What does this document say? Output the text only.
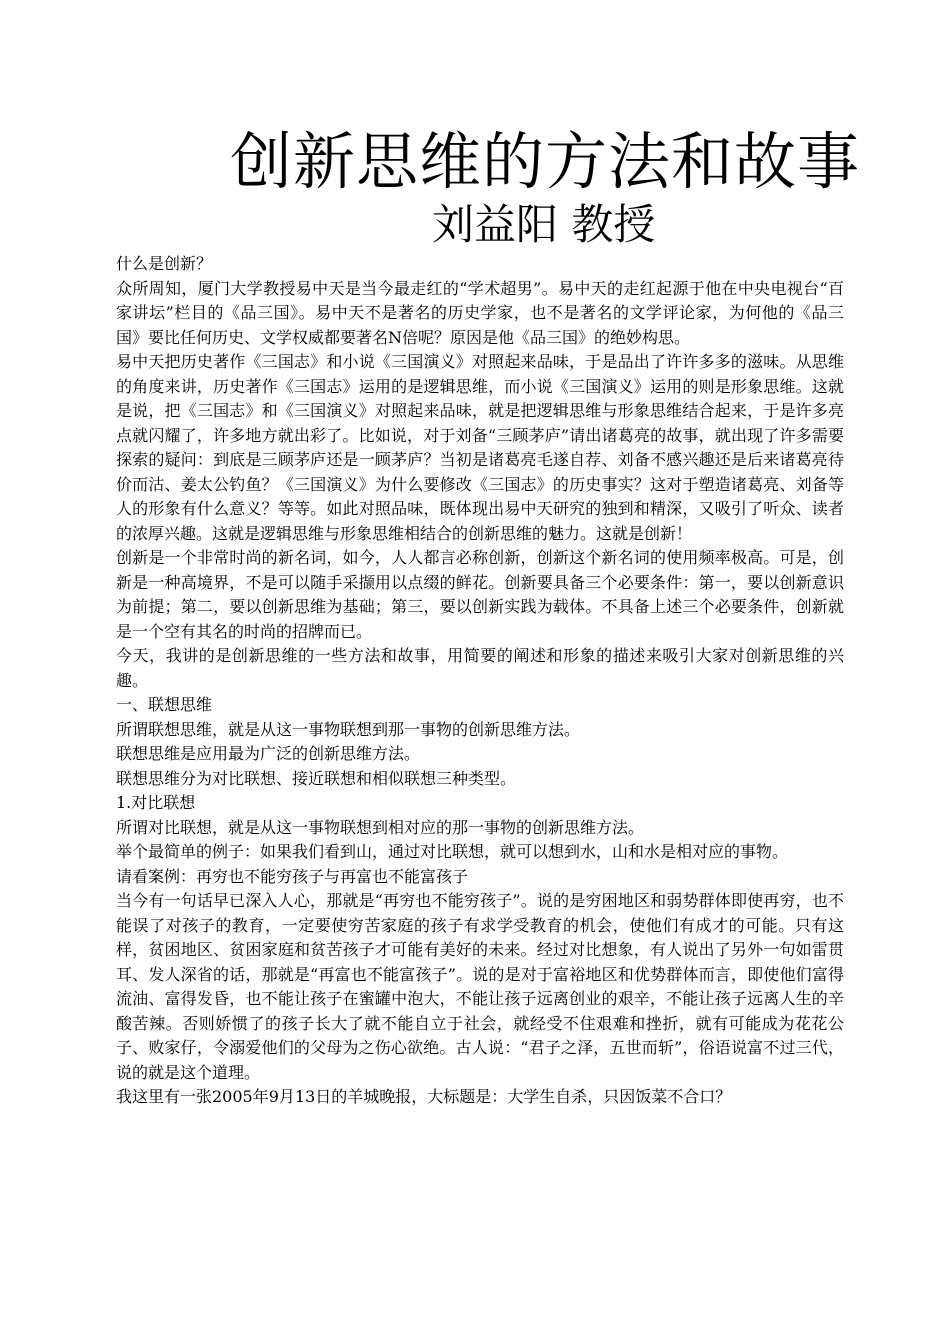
创新思维的方法和故事
刘益阳 教授

什么是创新？

众所周知，厦门大学教授易中天是当今最走红的“学术超男”。易中天的走红起源于他在中央电视台“百家讲坛”栏目的《品三国》。易中天不是著名的历史学家，也不是著名的文学评论家，为何他的《品三国》要比任何历史、文学权威都要著名N倍呢？原因是他《品三国》的绝妙构思。

易中天把历史著作《三国志》和小说《三国演义》对照起来品味，于是品出了许许多多的滋味。从思维的角度来讲，历史著作《三国志》运用的是逻辑思维，而小说《三国演义》运用的则是形象思维。这就是说，把《三国志》和《三国演义》对照起来品味，就是把逻辑思维与形象思维结合起来，于是许多亮点就闪耀了，许多地方就出彩了。比如说，对于刘备“三顾茅庐”请出诸葛亮的故事，就出现了许多需要探索的疑问：到底是三顾茅庐还是一顾茅庐？当初是诸葛亮毛遂自荐、刘备不感兴趣还是后来诸葛亮待价而沽、姜太公钓鱼？《三国演义》为什么要修改《三国志》的历史事实？这对于塑造诸葛亮、刘备等人的形象有什么意义？等等。如此对照品味，既体现出易中天研究的独到和精深，又吸引了听众、读者的浓厚兴趣。这就是逻辑思维与形象思维相结合的创新思维的魅力。这就是创新！

创新是一个非常时尚的新名词，如今，人人都言必称创新，创新这个新名词的使用频率极高。可是，创新是一种高境界，不是可以随手采撷用以点缀的鲜花。创新要具备三个必要条件：第一，要以创新意识为前提；第二，要以创新思维为基础；第三，要以创新实践为载体。不具备上述三个必要条件，创新就是一个空有其名的时尚的招牌而已。

今天，我讲的是创新思维的一些方法和故事，用简要的阐述和形象的描述来吸引大家对创新思维的兴趣。

一、联想思维

所谓联想思维，就是从这一事物联想到那一事物的创新思维方法。

联想思维是应用最为广泛的创新思维方法。

联想思维分为对比联想、接近联想和相似联想三种类型。

1.对比联想

所谓对比联想，就是从这一事物联想到相对应的那一事物的创新思维方法。

举个最简单的例子：如果我们看到山，通过对比联想，就可以想到水，山和水是相对应的事物。

请看案例：再穷也不能穷孩子与再富也不能富孩子

当今有一句话早已深入人心，那就是“再穷也不能穷孩子”。说的是穷困地区和弱势群体即使再穷，也不能误了对孩子的教育，一定要使穷苦家庭的孩子有求学受教育的机会，使他们有成才的可能。只有这样，贫困地区、贫困家庭和贫苦孩子才可能有美好的未来。经过对比想象，有人说出了另外一句如雷贯耳、发人深省的话，那就是“再富也不能富孩子”。说的是对于富裕地区和优势群体而言，即使他们富得流油、富得发昏，也不能让孩子在蜜罐中泡大，不能让孩子远离创业的艰辛，不能让孩子远离人生的辛酸苦辣。否则娇惯了的孩子长大了就不能自立于社会，就经受不住艰难和挫折，就有可能成为花花公子、败家仔，令溺爱他们的父母为之伤心欲绝。古人说：“君子之泽，五世而斩”，俗语说富不过三代，说的就是这个道理。

我这里有一张2005年9月13日的羊城晚报，大标题是：大学生自杀，只因饭菜不合口？
